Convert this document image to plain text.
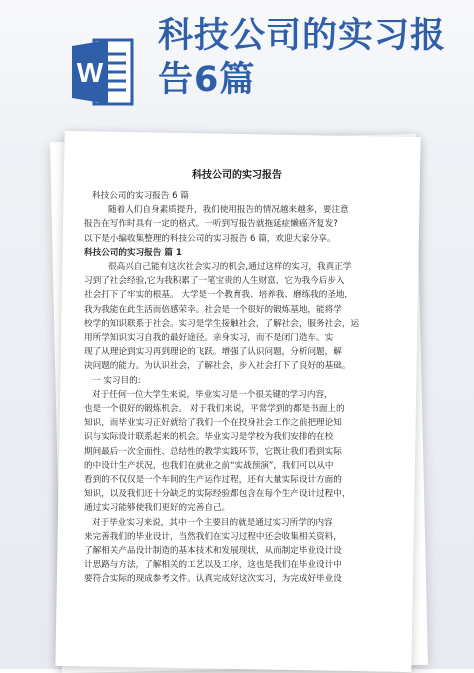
W
科技公司的实习报告6篇
科技公司的实习报告
科技公司的实习报告 6 篇
随着人们自身素质提升，我们使用报告的情况越来越多，要注意
报告在写作时具有一定的格式。一听到写报告就拖延症懒癌齐复发?
以下是小编收集整理的科技公司的实习报告 6 篇，欢迎大家分享。
科技公司的实习报告 篇 1
很高兴自己能有这次社会实习的机会,通过这样的实习，我真正学
习到了社会经验,它为我积累了一笔宝贵的人生财富，它为我今后步入
社会打下了牢实的根基。 大学是一个教育我、培养我、磨练我的圣地,
我为我能在此生活而倍感荣幸。社会是一个很好的锻炼基地，能将学
校学的知识联系于社会。实习是学生接触社会，了解社会，服务社会，运
用所学知识实习自我的最好途径。亲身实习，而不是闭门造车。实
现了从理论到实习再到理论的飞跃。增强了认识问题，分析问题，解
决问题的能力。为认识社会，了解社会，步入社会打下了良好的基础。
一 实习目的:
对于任何一位大学生来说，毕业实习是一个很关键的学习内容，
也是一个很好的锻炼机会。 对于我们来说，平常学到的都是书面上的
知识，而毕业实习正好就给了我们一个在投身社会工作之前把理论知
识与实际设计联系起来的机会。毕业实习是学校为我们安排的在校
期间最后一次全面性、总结性的教学实践环节，它既让我们看到实际
的中设计生产状况，也我们在就业之前“实战预演”，我们可以从中
看到的不仅仅是一个车间的生产运作过程，还有大量实际设计方面的
知识，以及我们还十分缺乏的实际经验都包含在每个生产设计过程中，
通过实习能够使我们更好的完善自己。
对于毕业实习来说，其中一个主要目的就是通过实习所学的内容
来完善我们的毕业设计，当然我们在实习过程中还会收集相关资料，
了解相关产品设计制造的基本技术和发展现状，从而制定毕业设计设
计思路与方法，了解相关的工艺以及工序，这也是我们在毕业设计中
要符合实际的现成参考文件。认真完成好这次实习，为完成好毕业设
